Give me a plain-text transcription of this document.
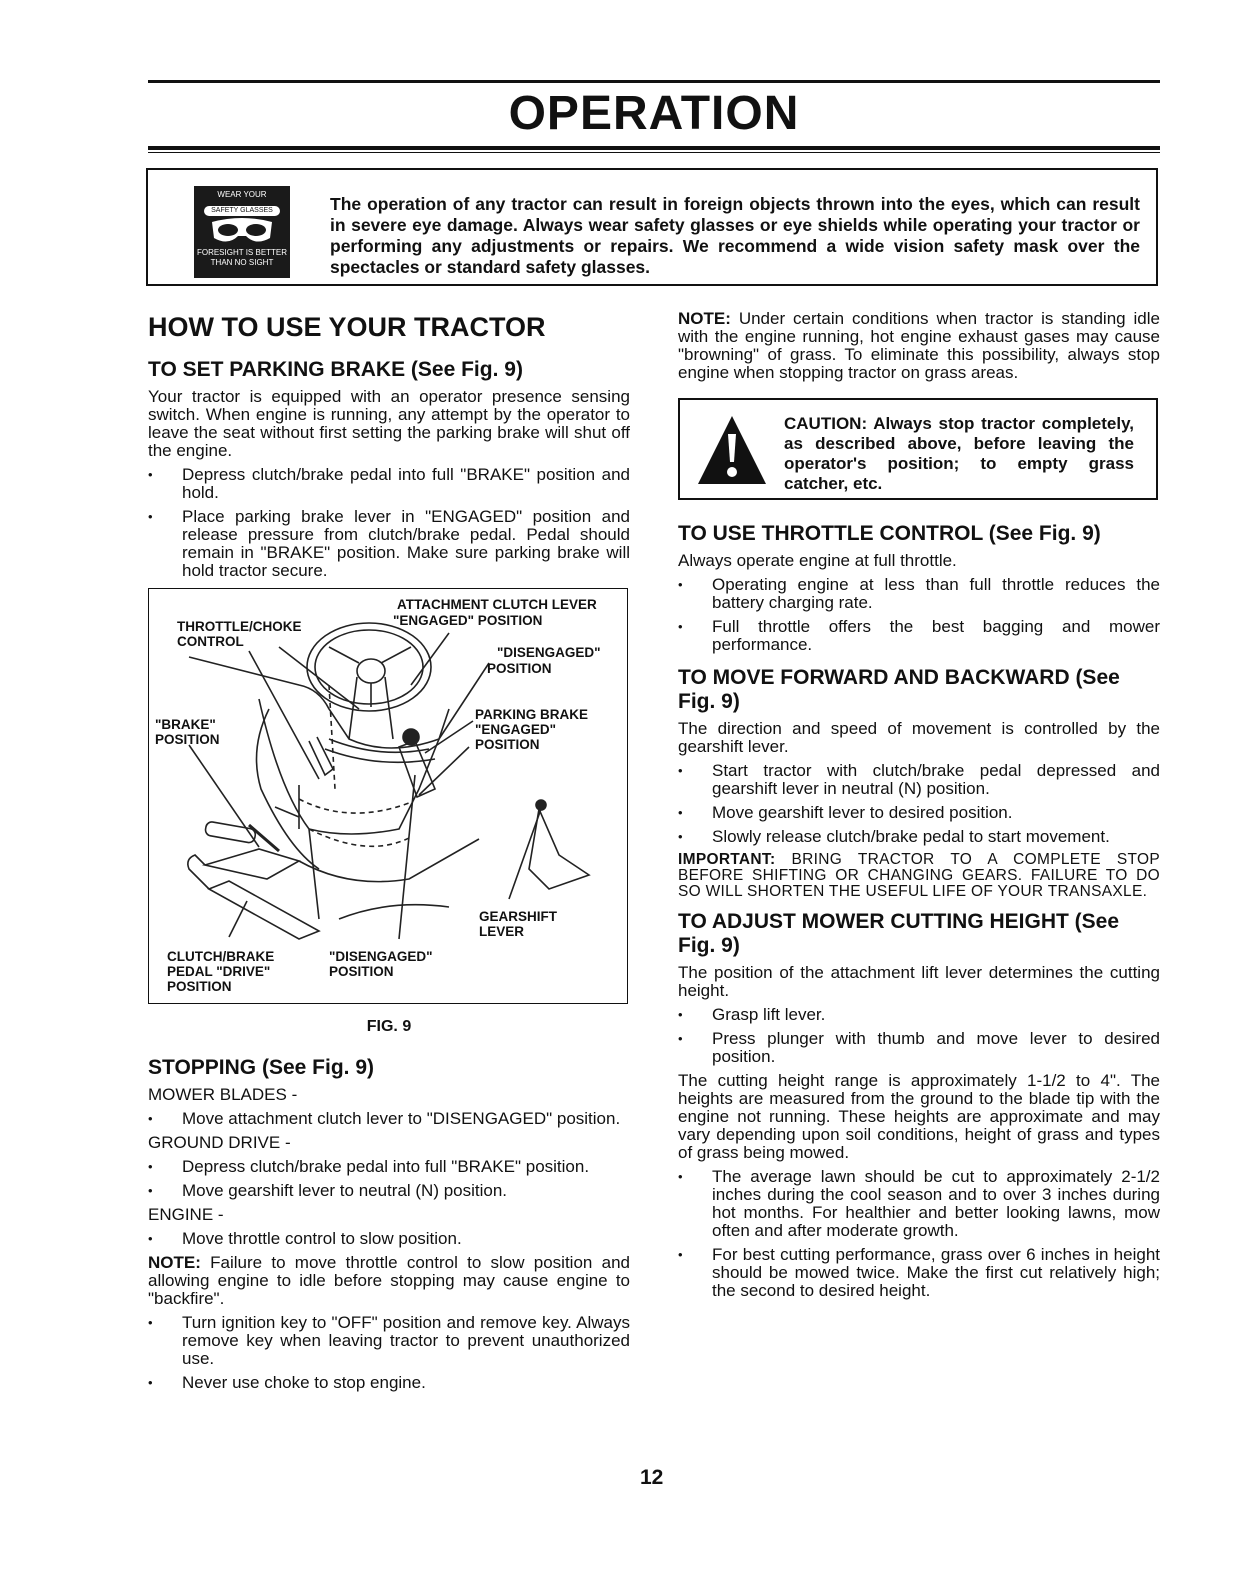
OPERATION
WEAR YOUR
SAFETY GLASSES
FORESIGHT IS BETTER THAN NO SIGHT

The operation of any tractor can result in foreign objects thrown into the eyes, which can result in severe eye damage. Always wear safety glasses or eye shields while operating your tractor or performing any adjustments or repairs. We recommend a wide vision safety mask over the spectacles or standard safety glasses.

HOW TO USE YOUR TRACTOR
TO SET PARKING BRAKE (See Fig. 9)

Your tractor is equipped with an operator presence sensing switch. When engine is running, any attempt by the operator to leave the seat without first setting the parking brake will shut off the engine.

• Depress clutch/brake pedal into full "BRAKE" position and hold.
• Place parking brake lever in "ENGAGED" position and release pressure from clutch/brake pedal. Pedal should remain in "BRAKE" position. Make sure parking brake will hold tractor secure.
ATTACHMENT CLUTCH LEVER
"ENGAGED" POSITION
THROTTLE/CHOKE
CONTROL
"DISENGAGED"
POSITION
PARKING BRAKE
"ENGAGED"
POSITION
"BRAKE"
POSITION
GEARSHIFT
LEVER
CLUTCH/BRAKE
PEDAL "DRIVE"
POSITION
"DISENGAGED"
POSITION
FIG. 9
STOPPING (See Fig. 9)

MOWER BLADES -

• Move attachment clutch lever to "DISENGAGED" position.

GROUND DRIVE -

• Depress clutch/brake pedal into full "BRAKE" position.
• Move gearshift lever to neutral (N) position.

ENGINE -

• Move throttle control to slow position.

NOTE: Failure to move throttle control to slow position and allowing engine to idle before stopping may cause engine to "backfire".

• Turn ignition key to "OFF" position and remove key. Always remove key when leaving tractor to prevent unauthorized use.
• Never use choke to stop engine.

NOTE: Under certain conditions when tractor is standing idle with the engine running, hot engine exhaust gases may cause "browning" of grass. To eliminate this possibility, always stop engine when stopping tractor on grass areas.

CAUTION: Always stop tractor completely, as described above, before leaving the operator's position; to empty grass catcher, etc.

TO USE THROTTLE CONTROL (See Fig. 9)

Always operate engine at full throttle.

• Operating engine at less than full throttle reduces the battery charging rate.
• Full throttle offers the best bagging and mower performance.
TO MOVE FORWARD AND BACKWARD (See Fig. 9)

The direction and speed of movement is controlled by the gearshift lever.

• Start tractor with clutch/brake pedal depressed and gearshift lever in neutral (N) position.
• Move gearshift lever to desired position.
• Slowly release clutch/brake pedal to start movement.

IMPORTANT: BRING TRACTOR TO A COMPLETE STOP BEFORE SHIFTING OR CHANGING GEARS. FAILURE TO DO SO WILL SHORTEN THE USEFUL LIFE OF YOUR TRANSAXLE.

TO ADJUST MOWER CUTTING HEIGHT (See Fig. 9)

The position of the attachment lift lever determines the cutting height.

• Grasp lift lever.
• Press plunger with thumb and move lever to desired position.

The cutting height range is approximately 1-1/2 to 4". The heights are measured from the ground to the blade tip with the engine not running. These heights are approximate and may vary depending upon soil conditions, height of grass and types of grass being mowed.

• The average lawn should be cut to approximately 2-1/2 inches during the cool season and to over 3 inches during hot months. For healthier and better looking lawns, mow often and after moderate growth.
• For best cutting performance, grass over 6 inches in height should be mowed twice. Make the first cut relatively high; the second to desired height.
12
